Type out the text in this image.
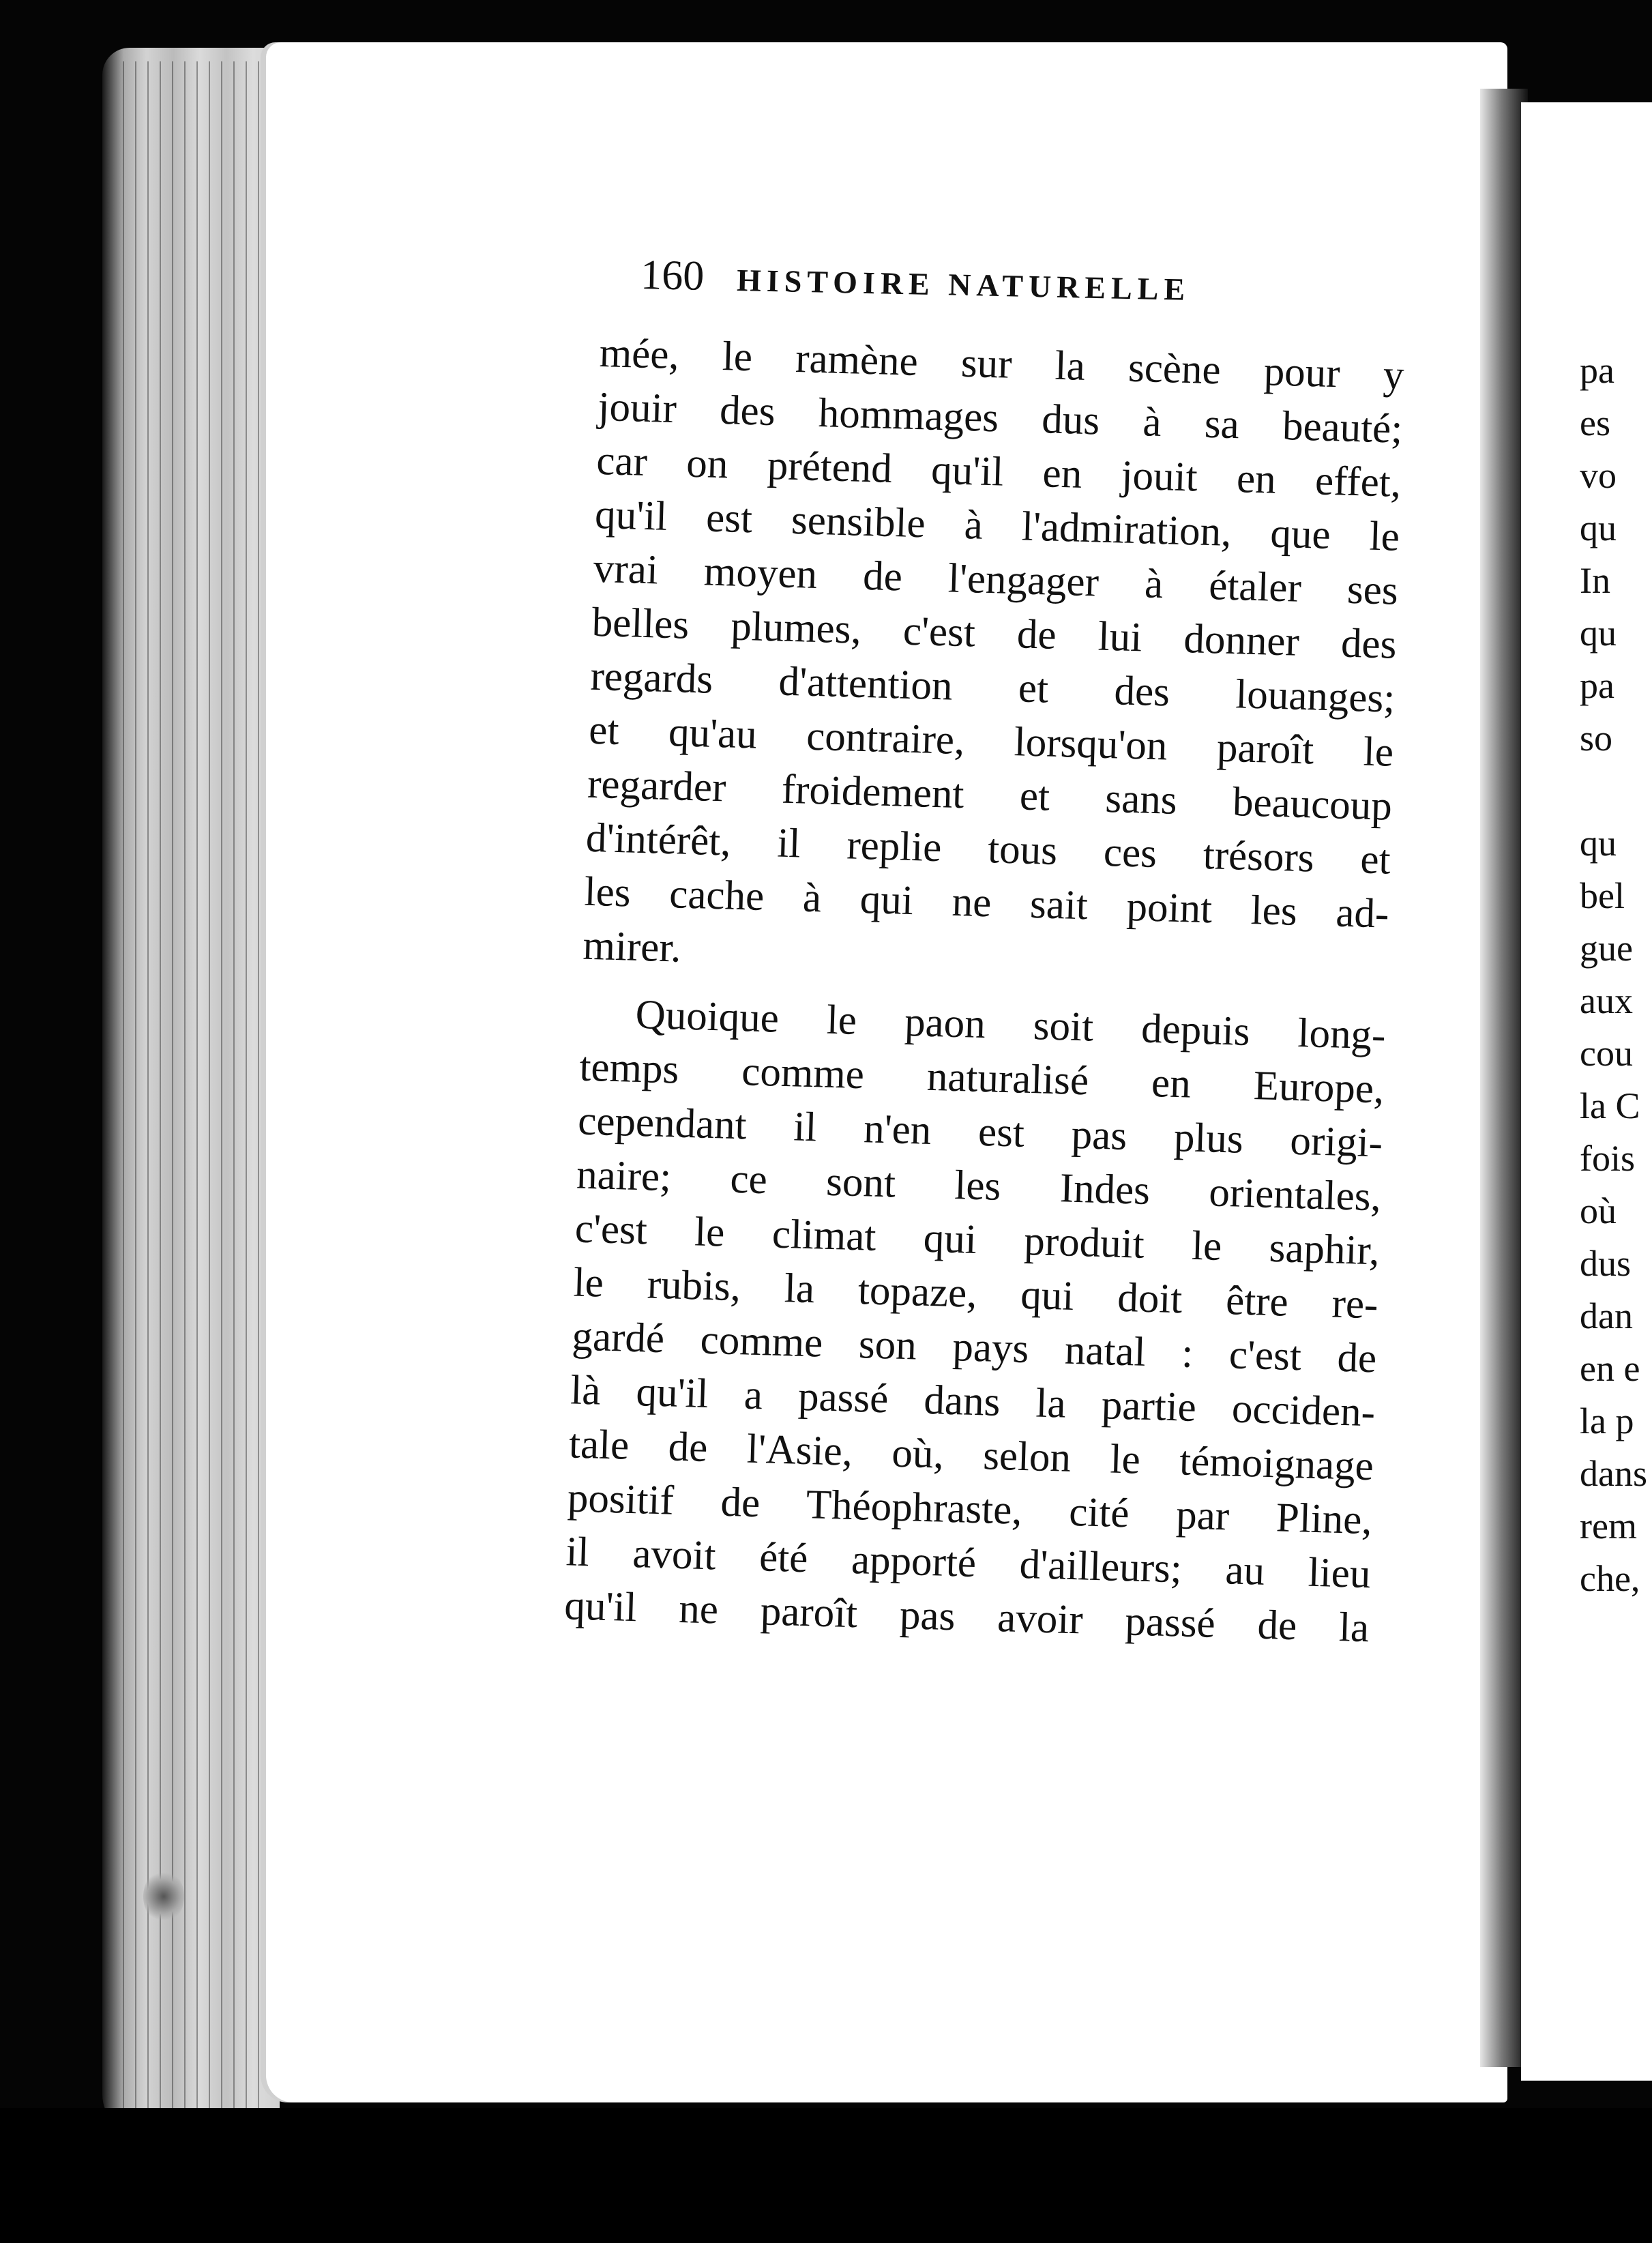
160 HISTOIRE NATURELLE
mée, le ramène sur la scène pour y
jouir des hommages dus à sa beauté;
car on prétend qu'il en jouit en effet,
qu'il est sensible à l'admiration, que le
vrai moyen de l'engager à étaler ses
belles plumes, c'est de lui donner des
regards d'attention et des louanges;
et qu'au contraire, lorsqu'on paroît le
regarder froidement et sans beaucoup
d'intérêt, il replie tous ces trésors et
les cache à qui ne sait point les ad-
mirer.
Quoique le paon soit depuis long-
temps comme naturalisé en Europe,
cependant il n'en est pas plus origi-
naire; ce sont les Indes orientales,
c'est le climat qui produit le saphir,
le rubis, la topaze, qui doit être re-
gardé comme son pays natal : c'est de
là qu'il a passé dans la partie occiden-
tale de l'Asie, où, selon le témoignage
positif de Théophraste, cité par Pline,
il avoit été apporté d'ailleurs; au lieu
qu'il ne paroît pas avoir passé de la
pa
es
vo
qu
In
qu
pa
so
qu
bel
gue
aux
cou
la C
fois
où
dus
dan
en e
la p
dans
rem
che,
